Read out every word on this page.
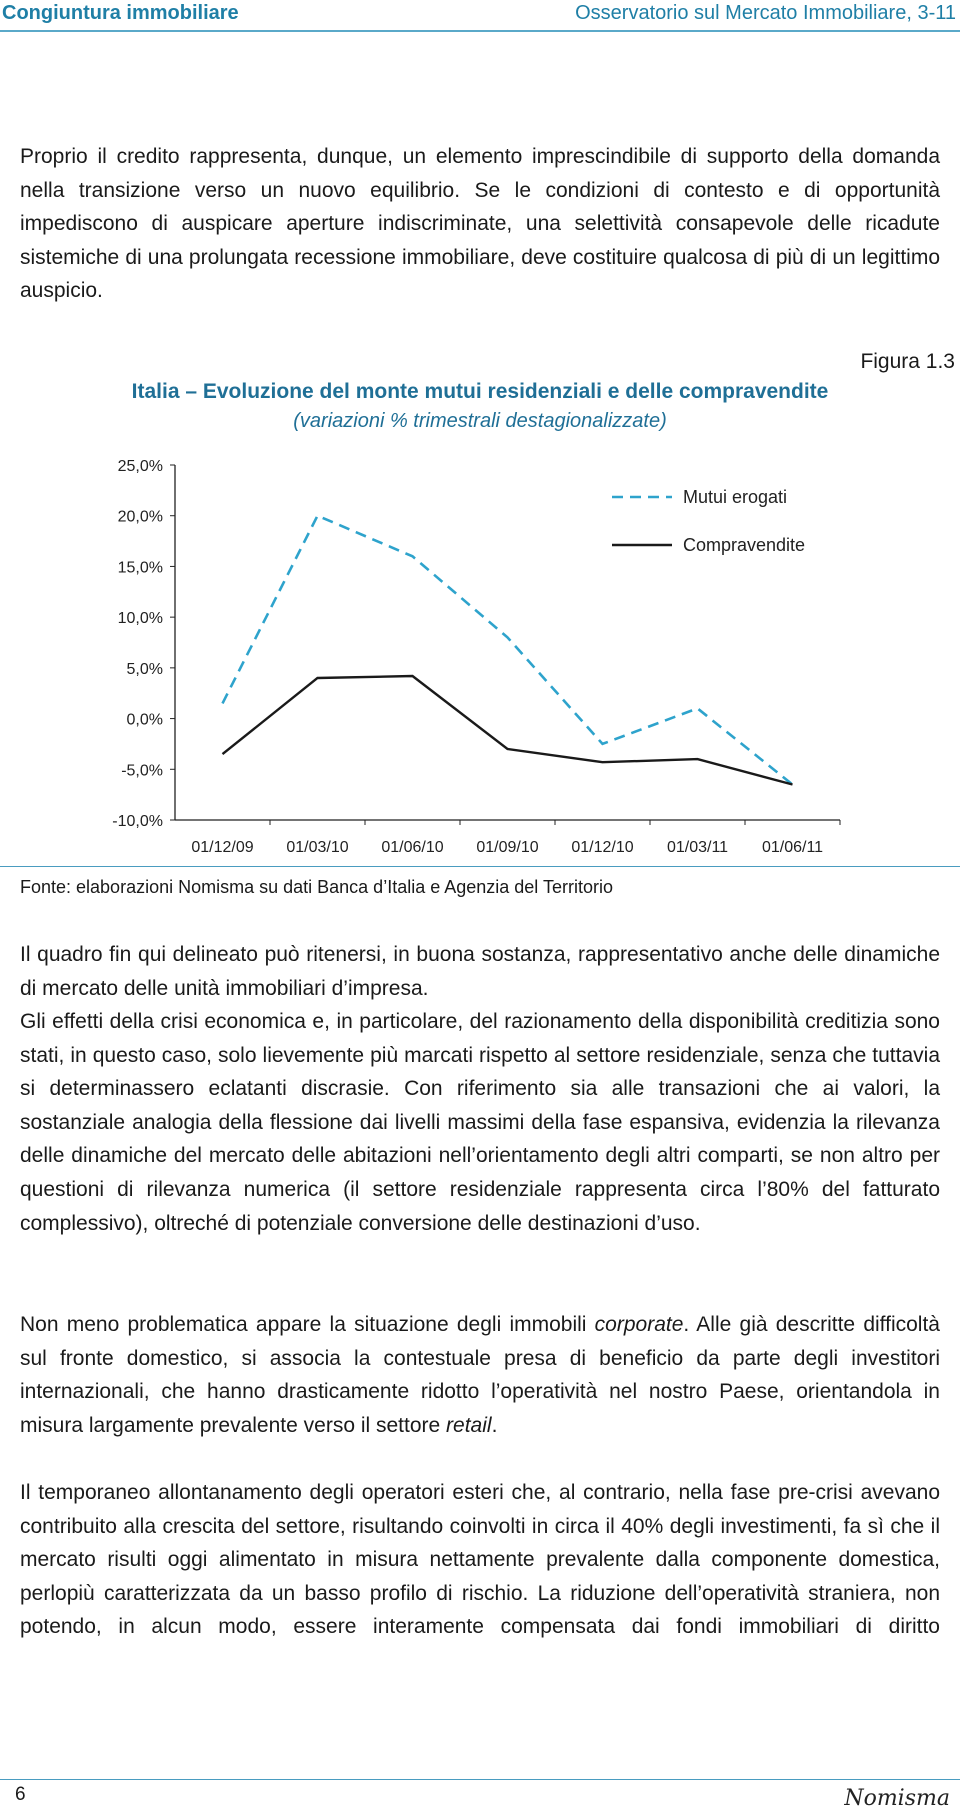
Congiuntura immobiliare	Osservatorio sul Mercato Immobiliare, 3-11

Proprio il credito rappresenta, dunque, un elemento imprescindibile di supporto della domanda nella transizione verso un nuovo equilibrio. Se le condizioni di contesto e di opportunità impediscono di auspicare aperture indiscriminate, una selettività consapevole delle ricadute sistemiche di una prolungata recessione immobiliare, deve costituire qualcosa di più di un legittimo auspicio.

Figura 1.3
Italia – Evoluzione del monte mutui residenziali e delle compravendite
(variazioni % trimestrali destagionalizzate)
25,0%
20,0%
15,0%
10,0%
5,0%
0,0%
-5,0%
-10,0%
01/12/09 01/03/10 01/06/10 01/09/10 01/12/10 01/03/11 01/06/11
Mutui erogati
Compravendite
Fonte: elaborazioni Nomisma su dati Banca d’Italia e Agenzia del Territorio

Il quadro fin qui delineato può ritenersi, in buona sostanza, rappresentativo anche delle dinamiche di mercato delle unità immobiliari d’impresa.

Gli effetti della crisi economica e, in particolare, del razionamento della disponibilità creditizia sono stati, in questo caso, solo lievemente più marcati rispetto al settore residenziale, senza che tuttavia si determinassero eclatanti discrasie. Con riferimento sia alle transazioni che ai valori, la sostanziale analogia della flessione dai livelli massimi della fase espansiva, evidenzia la rilevanza delle dinamiche del mercato delle abitazioni nell’orientamento degli altri comparti, se non altro per questioni di rilevanza numerica (il settore residenziale rappresenta circa l’80% del fatturato complessivo), oltreché di potenziale conversione delle destinazioni d’uso.

Non meno problematica appare la situazione degli immobili corporate. Alle già descritte difficoltà sul fronte domestico, si associa la contestuale presa di beneficio da parte degli investitori internazionali, che hanno drasticamente ridotto l’operatività nel nostro Paese, orientandola in misura largamente prevalente verso il settore retail.

Il temporaneo allontanamento degli operatori esteri che, al contrario, nella fase pre-crisi avevano contribuito alla crescita del settore, risultando coinvolti in circa il 40% degli investimenti, fa sì che il mercato risulti oggi alimentato in misura nettamente prevalente dalla componente domestica, perlopiù caratterizzata da un basso profilo di rischio. La riduzione dell’operatività straniera, non potendo, in alcun modo, essere interamente compensata dai fondi immobiliari di diritto

6	Nomisma
